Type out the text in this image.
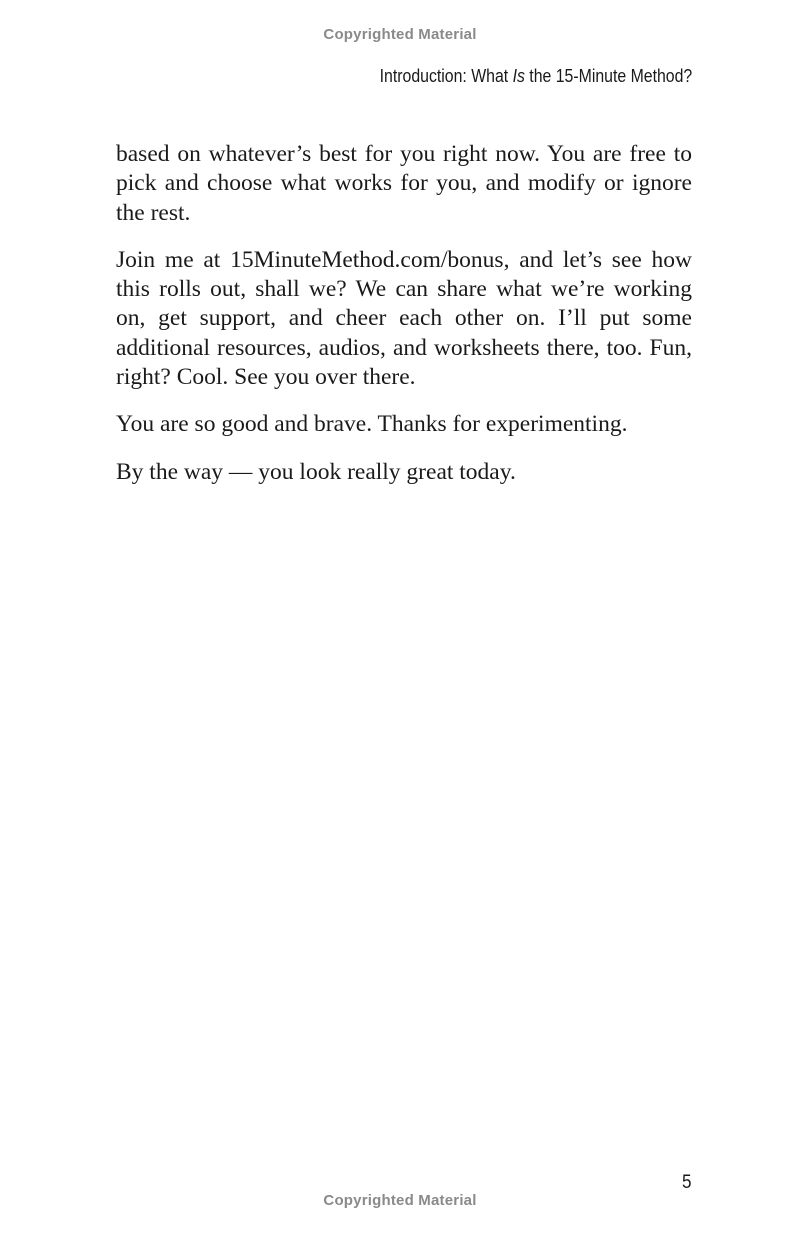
Copyrighted Material
Introduction: What Is the 15-Minute Method?

based on whatever’s best for you right now. You are free to pick and choose what works for you, and modify or ignore the rest.

Join me at 15MinuteMethod.com/bonus, and let’s see how this rolls out, shall we? We can share what we’re working on, get support, and cheer each other on. I’ll put some additional resources, audios, and worksheets there, too. Fun, right? Cool. See you over there.

You are so good and brave. Thanks for experimenting.

By the way — you look really great today.

5
Copyrighted Material
